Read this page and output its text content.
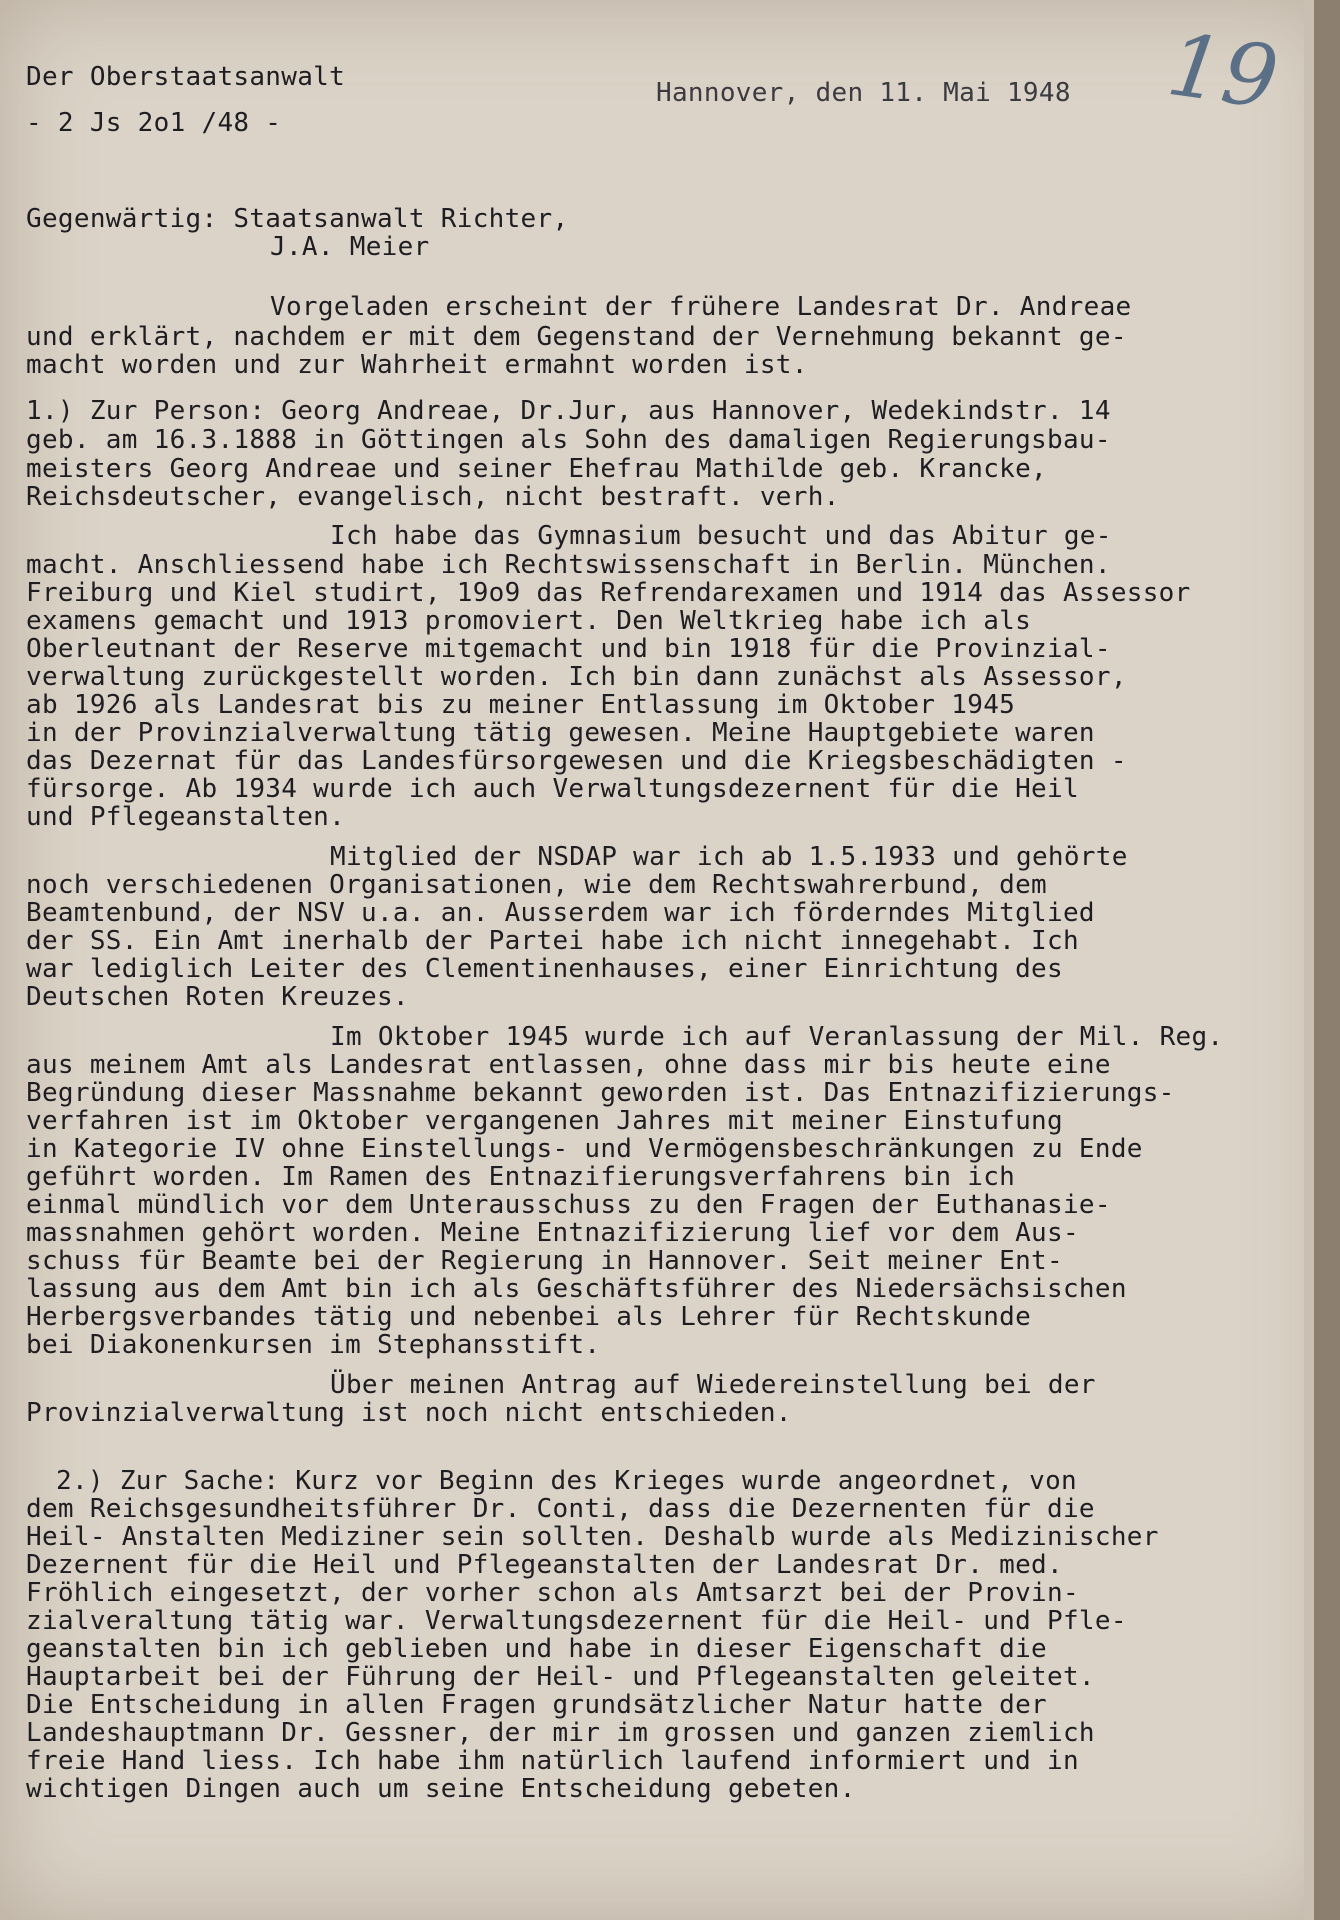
Der Oberstaatsanwalt
- 2 Js 2o1 /48 -
Hannover, den 11. Mai 1948 19
Gegenwärtig: Staatsanwalt Richter,
J.A. Meier
Vorgeladen erscheint der frühere Landesrat Dr. Andreae
und erklärt, nachdem er mit dem Gegenstand der Vernehmung bekannt ge-
macht worden und zur Wahrheit ermahnt worden ist.
1.) Zur Person: Georg Andreae, Dr.Jur, aus Hannover, Wedekindstr. 14
geb. am 16.3.1888 in Göttingen als Sohn des damaligen Regierungsbau-
meisters Georg Andreae und seiner Ehefrau Mathilde geb. Krancke,
Reichsdeutscher, evangelisch, nicht bestraft. verh.
Ich habe das Gymnasium besucht und das Abitur ge-
macht. Anschliessend habe ich Rechtswissenschaft in Berlin. München.
Freiburg und Kiel studirt, 19o9 das Refrendarexamen und 1914 das Assessor
examens gemacht und 1913 promoviert. Den Weltkrieg habe ich als
Oberleutnant der Reserve mitgemacht und bin 1918 für die Provinzial-
verwaltung zurückgestellt worden. Ich bin dann zunächst als Assessor,
ab 1926 als Landesrat bis zu meiner Entlassung im Oktober 1945
in der Provinzialverwaltung tätig gewesen. Meine Hauptgebiete waren
das Dezernat für das Landesfürsorgewesen und die Kriegsbeschädigten -
fürsorge. Ab 1934 wurde ich auch Verwaltungsdezernent für die Heil
und Pflegeanstalten.
Mitglied der NSDAP war ich ab 1.5.1933 und gehörte
noch verschiedenen Organisationen, wie dem Rechtswahrerbund, dem
Beamtenbund, der NSV u.a. an. Ausserdem war ich förderndes Mitglied
der SS. Ein Amt inerhalb der Partei habe ich nicht innegehabt. Ich
war lediglich Leiter des Clementinenhauses, einer Einrichtung des
Deutschen Roten Kreuzes.
Im Oktober 1945 wurde ich auf Veranlassung der Mil. Reg.
aus meinem Amt als Landesrat entlassen, ohne dass mir bis heute eine
Begründung dieser Massnahme bekannt geworden ist. Das Entnazifizierungs-
verfahren ist im Oktober vergangenen Jahres mit meiner Einstufung
in Kategorie IV ohne Einstellungs- und Vermögensbeschränkungen zu Ende
geführt worden. Im Ramen des Entnazifierungsverfahrens bin ich
einmal mündlich vor dem Unterausschuss zu den Fragen der Euthanasie-
massnahmen gehört worden. Meine Entnazifizierung lief vor dem Aus-
schuss für Beamte bei der Regierung in Hannover. Seit meiner Ent-
lassung aus dem Amt bin ich als Geschäftsführer des Niedersächsischen
Herbergsverbandes tätig und nebenbei als Lehrer für Rechtskunde
bei Diakonenkursen im Stephansstift.
Über meinen Antrag auf Wiedereinstellung bei der
Provinzialverwaltung ist noch nicht entschieden.
2.) Zur Sache: Kurz vor Beginn des Krieges wurde angeordnet, von
dem Reichsgesundheitsführer Dr. Conti, dass die Dezernenten für die
Heil- Anstalten Mediziner sein sollten. Deshalb wurde als Medizinischer
Dezernent für die Heil und Pflegeanstalten der Landesrat Dr. med.
Fröhlich eingesetzt, der vorher schon als Amtsarzt bei der Provin-
zialveraltung tätig war. Verwaltungsdezernent für die Heil- und Pfle-
geanstalten bin ich geblieben und habe in dieser Eigenschaft die
Hauptarbeit bei der Führung der Heil- und Pflegeanstalten geleitet.
Die Entscheidung in allen Fragen grundsätzlicher Natur hatte der
Landeshauptmann Dr. Gessner, der mir im grossen und ganzen ziemlich
freie Hand liess. Ich habe ihm natürlich laufend informiert und in
wichtigen Dingen auch um seine Entscheidung gebeten.
